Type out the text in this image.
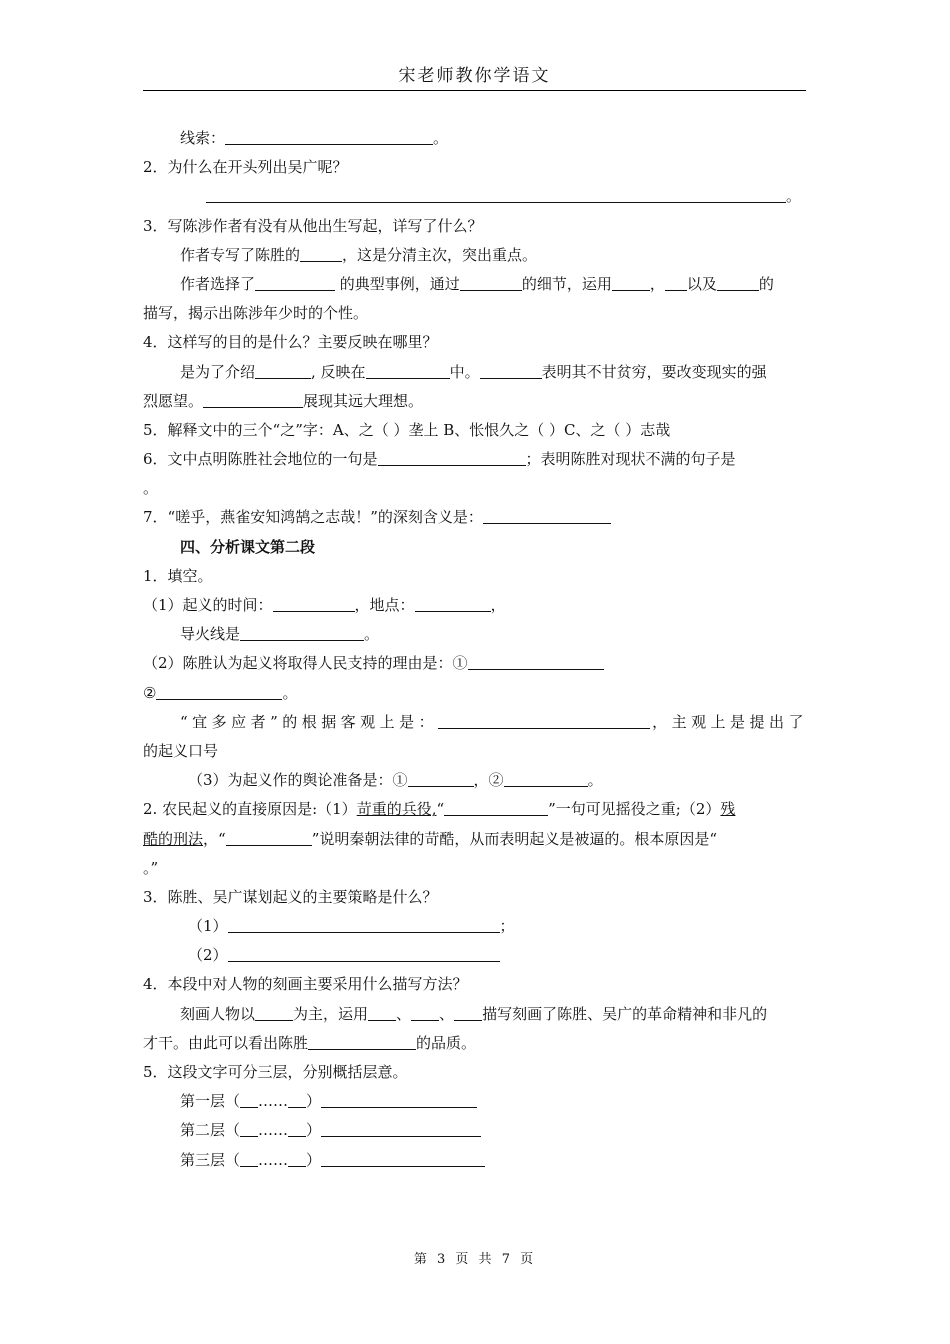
宋老师教你学语文
线索：	。
2．为什么在开头列出吴广呢？
。
3．写陈涉作者有没有从他出生写起，详写了什么？
作者专写了陈胜的	，这是分清主次，突出重点。
作者选择了	的典型事例，通过	的细节，运用	， 以及	的
描写，揭示出陈涉年少时的个性。
4．这样写的目的是什么？主要反映在哪里？
是为了介绍	, 反映在	中。	表明其不甘贫穷，要改变现实的强
烈愿望。	展现其远大理想。
5．解释文中的三个“之”字：A、之（ ）垄上 B、怅恨久之（ ）C、之（ ）志哉
6．文中点明陈胜社会地位的一句是	；表明陈胜对现状不满的句子是
。
7．“嗟乎，燕雀安知鸿鹄之志哉！”的深刻含义是：
四、分析课文第二段
1．填空。
（1）起义的时间：	，地点：	，
导火线是	。
（2）陈胜认为起义将取得人民支持的理由是：①
②	。
“宜多应者”的根据客观上是：	，主观上是提出了
的起义口号
（3）为起义作的舆论准备是：①	，②	。
2. 农民起义的直接原因是:（1）苛重的兵役,“	”一句可见摇役之重;（2）残
酷的刑法，“	”说明秦朝法律的苛酷，从而表明起义是被逼的。根本原因是“
。”
3．陈胜、吴广谋划起义的主要策略是什么？
（1）	；
（2）
4．本段中对人物的刻画主要采用什么描写方法？
刻画人物以	为主，运用 、 、 描写刻画了陈胜、吴广的革命精神和非凡的
才干。由此可以看出陈胜	的品质。
5．这段文字可分三层，分别概括层意。
第一层（ …… ）
第二层（ …… ）
第三层（ …… ）
第 3 页 共 7 页
